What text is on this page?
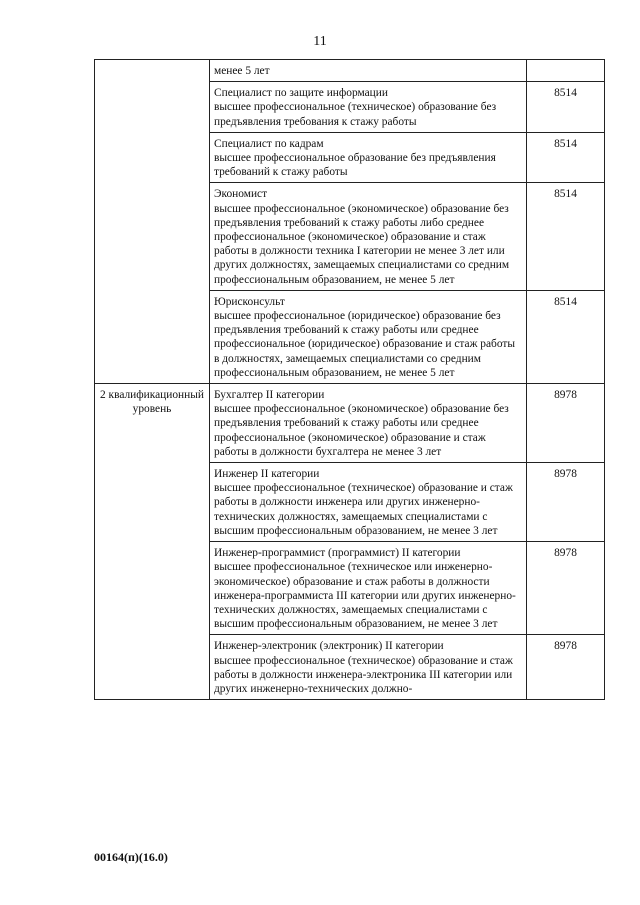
11

	менее 5 лет	

	Специалист по защите информации
высшее профессиональное (техническое) образование без предъявления требования к стажу работы	8514

	Специалист по кадрам
высшее профессиональное образование без предъявления требований к стажу работы	8514

	Экономист
высшее профессиональное (экономическое) образование без предъявления требований к стажу работы либо среднее профессиональное (экономическое) образование и стаж работы в должности техника I категории не менее 3 лет или других должностях, замещаемых специалистами со средним профессиональным образованием, не менее 5 лет	8514

	Юрисконсульт
высшее профессиональное (юридическое) образование без предъявления требований к стажу работы или среднее профессиональное (юридическое) образование и стаж работы в должностях, замещаемых специалистами со средним профессиональным образованием, не менее 5 лет	8514
2 квалификационный уровень	Бухгалтер II категории
высшее профессиональное (экономическое) образование без предъявления требований к стажу работы или среднее профессиональное (экономическое) образование и стаж работы в должности бухгалтера не менее 3 лет	8978

	Инженер II категории
высшее профессиональное (техническое) образование и стаж работы в должности инженера или других инженерно-технических должностях, замещаемых специалистами с высшим профессиональным образованием, не менее 3 лет	8978

	Инженер-программист (программист) II категории
высшее профессиональное (техническое или инженерно-экономическое) образование и стаж работы в должности инженера-программиста III категории или других инженерно-технических должностях, замещаемых специалистами с высшим профессиональным образованием, не менее 3 лет	8978

	Инженер-электроник (электроник) II категории
высшее профессиональное (техническое) образование и стаж работы в должности инженера-электроника III категории или других инженерно-технических должно-	8978
00164(п)(16.0)
